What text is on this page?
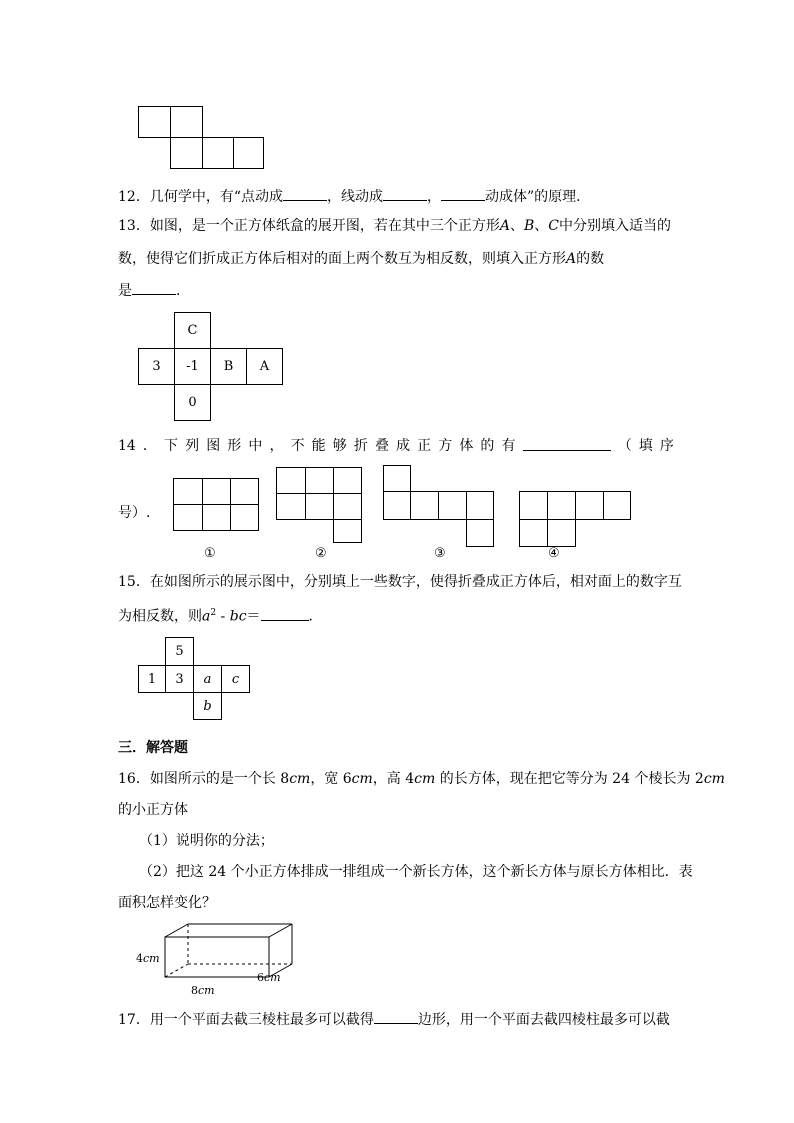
12．几何学中，有“点动成	，线动成	，	动成体”的原理．
13．如图，是一个正方体纸盒的展开图，若在其中三个正方形A、B、C中分别填入适当的
数，使得它们折成正方体后相对的面上两个数互为相反数，则填入正方形A的数
是	．
C
3	-1	B	A
0
14 ． 下 列 图 形 中 ， 不 能 够 折 叠 成 正 方 体 的 有	（ 填 序
号）.
①	②	③	④
15．在如图所示的展示图中，分别填上一些数字，使得折叠成正方体后，相对面上的数字互
为相反数，则$a^2 - bc=$	．
5
1	3	a	c
b
三．解答题
16．如图所示的是一个长 8cm，宽 6cm，高 4cm 的长方体，现在把它等分为 24 个棱长为 2cm
的小正方体
（1）说明你的分法；
（2）把这 24 个小正方体排成一排组成一个新长方体，这个新长方体与原长方体相比．表
面积怎样变化？
4cm
6cm
8cm
17．用一个平面去截三棱柱最多可以截得	边形，用一个平面去截四棱柱最多可以截
